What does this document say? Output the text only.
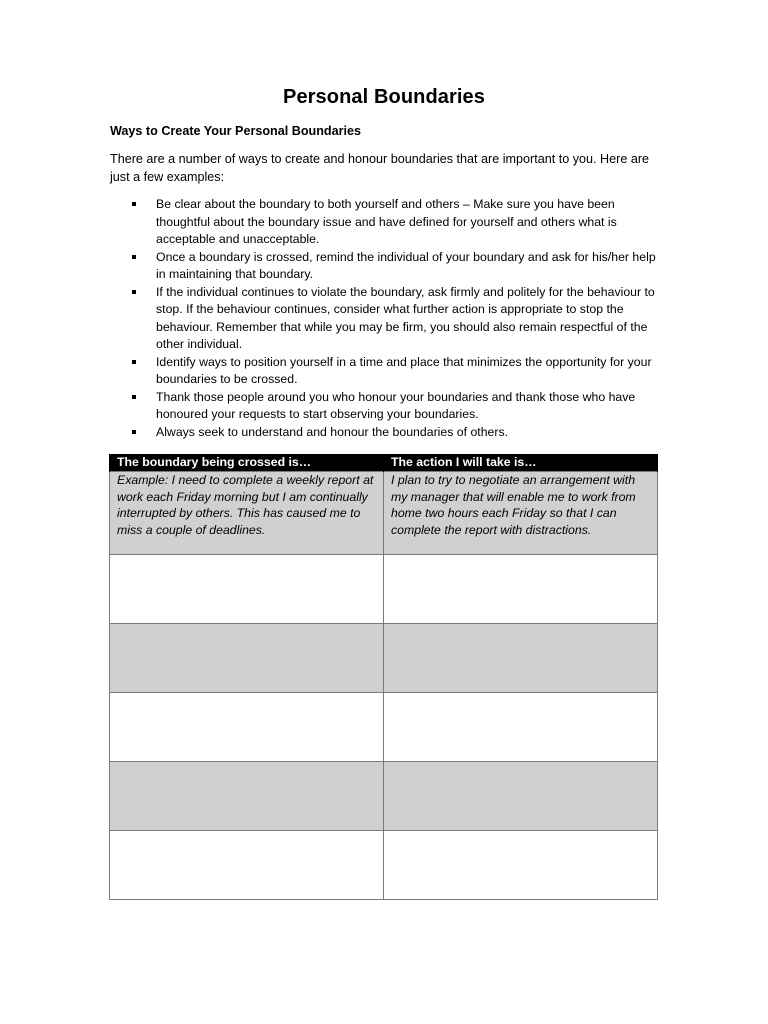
Personal Boundaries
Ways to Create Your Personal Boundaries
There are a number of ways to create and honour boundaries that are important to you. Here are just a few examples:
Be clear about the boundary to both yourself and others – Make sure you have been thoughtful about the boundary issue and have defined for yourself and others what is acceptable and unacceptable.
Once a boundary is crossed, remind the individual of your boundary and ask for his/her help in maintaining that boundary.
If the individual continues to violate the boundary, ask firmly and politely for the behaviour to stop. If the behaviour continues, consider what further action is appropriate to stop the behaviour. Remember that while you may be firm, you should also remain respectful of the other individual.
Identify ways to position yourself in a time and place that minimizes the opportunity for your boundaries to be crossed.
Thank those people around you who honour your boundaries and thank those who have honoured your requests to start observing your boundaries.
Always seek to understand and honour the boundaries of others.
The boundary being crossed is…	The action I will take is…
Example: I need to complete a weekly report at work each Friday morning but I am continually interrupted by others. This has caused me to miss a couple of deadlines.	I plan to try to negotiate an arrangement with my manager that will enable me to work from home two hours each Friday so that I can complete the report with distractions.
